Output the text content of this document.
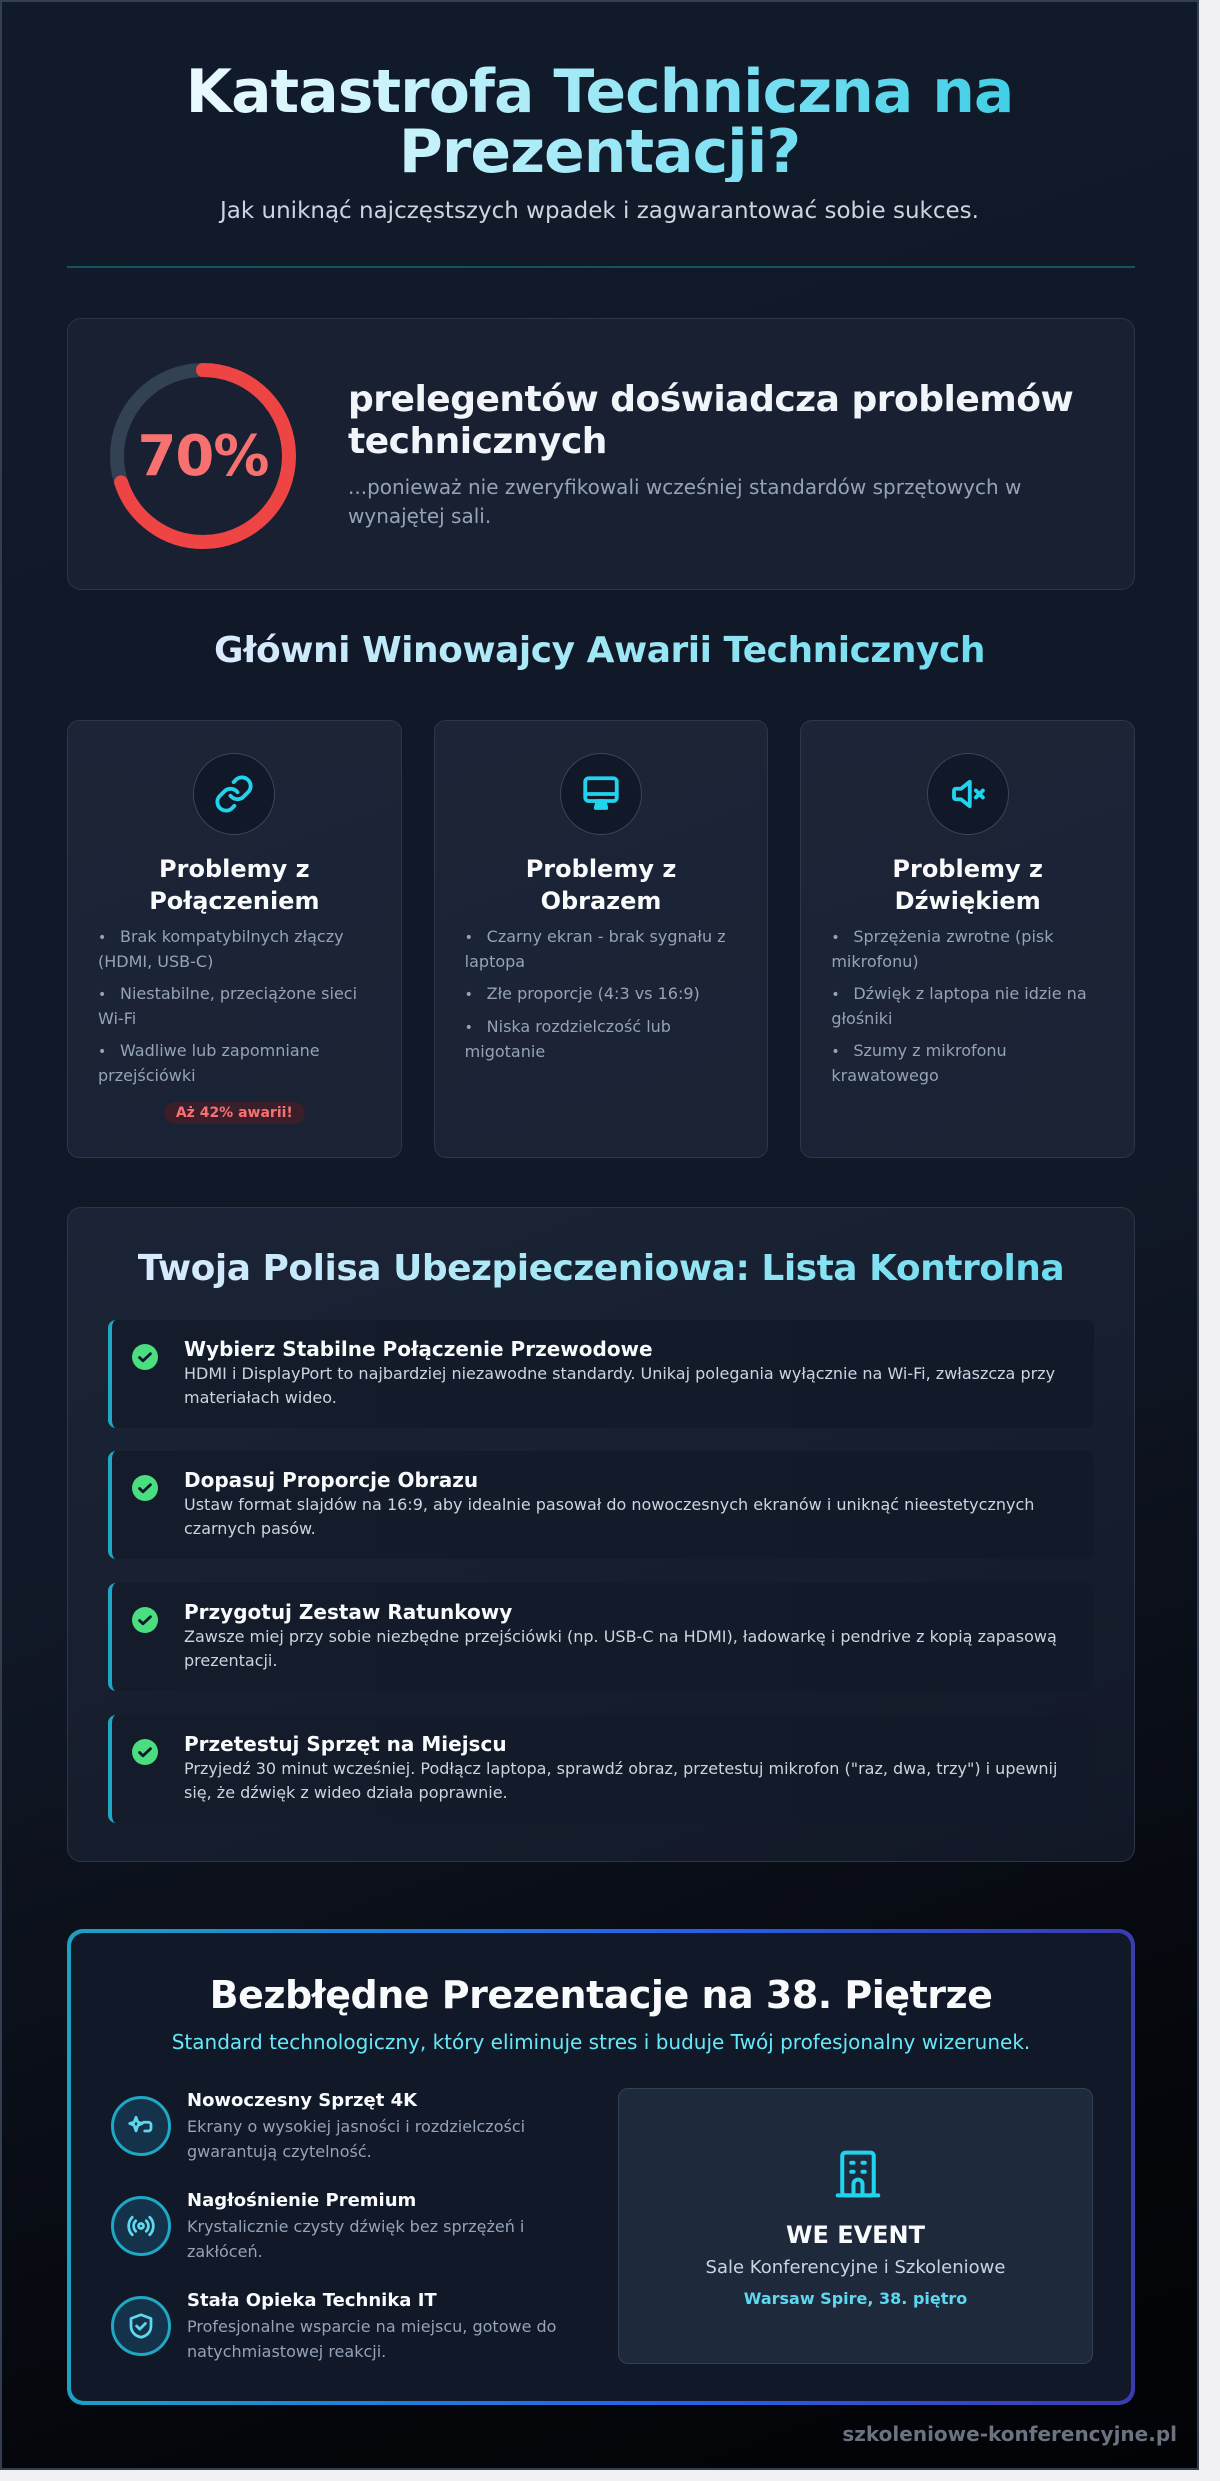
Katastrofa Techniczna na Prezentacji?

Jak uniknąć najczęstszych wpadek i zagwarantować sobie sukces.

70%
prelegentów doświadcza problemów technicznych
...ponieważ nie zweryfikowali wcześniej standardów sprzętowych w wynajętej sali.
Główni Winowajcy Awarii Technicznych
Problemy z Połączeniem
• Brak kompatybilnych złączy (HDMI, USB-C)
• Niestabilne, przeciążone sieci Wi-Fi
• Wadliwe lub zapomniane przejściówki
Aż 42% awarii!
Problemy z Obrazem
• Czarny ekran - brak sygnału z laptopa
• Złe proporcje (4:3 vs 16:9)
• Niska rozdzielczość lub migotanie
Problemy z Dźwiękiem
• Sprzężenia zwrotne (pisk mikrofonu)
• Dźwięk z laptopa nie idzie na głośniki
• Szumy z mikrofonu krawatowego
Twoja Polisa Ubezpieczeniowa: Lista Kontrolna
Wybierz Stabilne Połączenie Przewodowe
HDMI i DisplayPort to najbardziej niezawodne standardy. Unikaj polegania wyłącznie na Wi-Fi, zwłaszcza przy materiałach wideo.
Dopasuj Proporcje Obrazu
Ustaw format slajdów na 16:9, aby idealnie pasował do nowoczesnych ekranów i uniknąć nieestetycznych czarnych pasów.
Przygotuj Zestaw Ratunkowy
Zawsze miej przy sobie niezbędne przejściówki (np. USB-C na HDMI), ładowarkę i pendrive z kopią zapasową prezentacji.
Przetestuj Sprzęt na Miejscu
Przyjedź 30 minut wcześniej. Podłącz laptopa, sprawdź obraz, przetestuj mikrofon ("raz, dwa, trzy") i upewnij się, że dźwięk z wideo działa poprawnie.
Bezbłędne Prezentacje na 38. Piętrze

Standard technologiczny, który eliminuje stres i buduje Twój profesjonalny wizerunek.

Nowoczesny Sprzęt 4K
Ekrany o wysokiej jasności i rozdzielczości gwarantują czytelność.
Nagłośnienie Premium
Krystalicznie czysty dźwięk bez sprzężeń i zakłóceń.
Stała Opieka Technika IT
Profesjonalne wsparcie na miejscu, gotowe do natychmiastowej reakcji.
WE EVENT
Sale Konferencyjne i Szkoleniowe
Warsaw Spire, 38. piętro
szkoleniowe-konferencyjne.pl
